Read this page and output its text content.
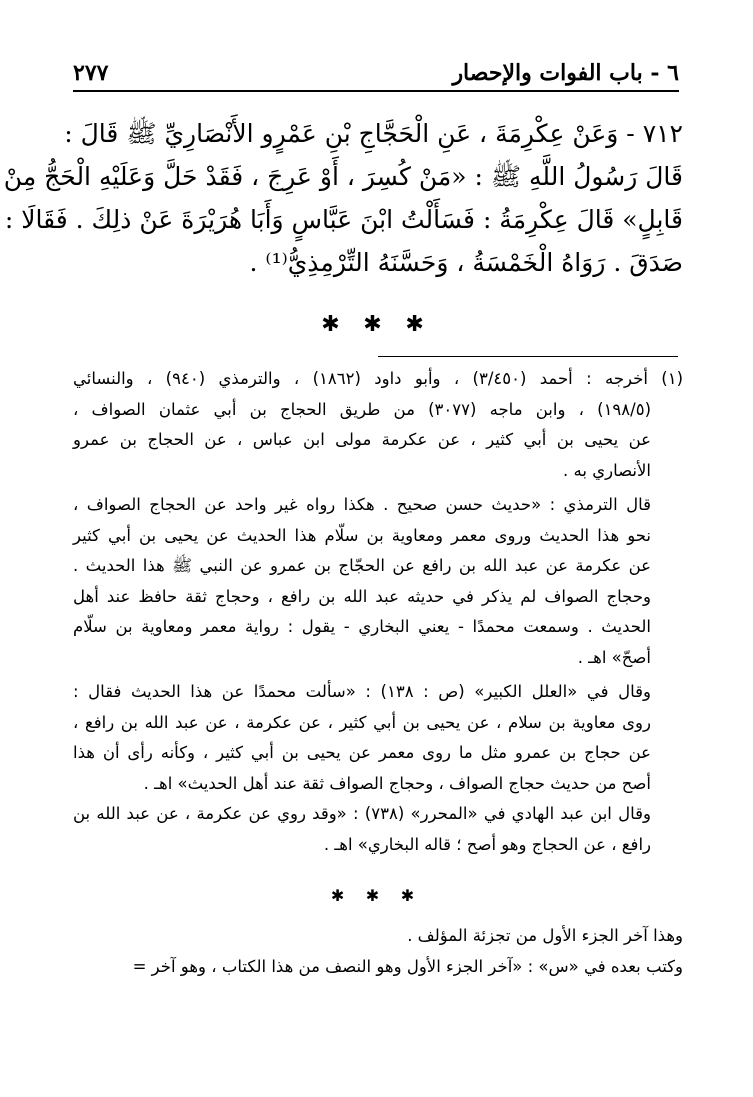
٢٧٧	٦ - باب الفوات والإحصار
٧١٢ - وَعَنْ عِكْرِمَةَ ، عَنِ الْحَجَّاجِ بْنِ عَمْرٍو الأَنْصَارِيِّ ﷺ قَالَ :
قَالَ رَسُولُ اللَّهِ ﷺ : «مَنْ كُسِرَ ، أَوْ عَرِجَ ، فَقَدْ حَلَّ وَعَلَيْهِ الْحَجُّ مِنْ
قَابِلٍ» قَالَ عِكْرِمَةُ : فَسَأَلْتُ ابْنَ عَبَّاسٍ وَأَبَا هُرَيْرَةَ عَنْ ذلِكَ . فَقَالَا :
صَدَقَ . رَوَاهُ الْخَمْسَةُ ، وَحَسَّنَهُ التِّرْمِذِيُّ⁽¹⁾ .
✱ ✱ ✱
(١) أخرجه : أحمد (٣/٤٥٠) ، وأبو داود (١٨٦٢) ، والترمذي (٩٤٠) ، والنسائي
(١٩٨/٥) ، وابن ماجه (٣٠٧٧) من طريق الحجاج بن أبي عثمان الصواف ،
عن يحيى بن أبي كثير ، عن عكرمة مولى ابن عباس ، عن الحجاج بن عمرو
الأنصاري به .
قال الترمذي : «حديث حسن صحيح . هكذا رواه غير واحد عن الحجاج الصواف ،
نحو هذا الحديث وروى معمر ومعاوية بن سلّام هذا الحديث عن يحيى بن أبي كثير
عن عكرمة عن عبد الله بن رافع عن الحجّاج بن عمرو عن النبي ﷺ هذا الحديث .
وحجاج الصواف لم يذكر في حديثه عبد الله بن رافع ، وحجاج ثقة حافظ عند أهل
الحديث . وسمعت محمدًا - يعني البخاري - يقول : رواية معمر ومعاوية بن سلّام
أصحّ» اهـ .
وقال في «العلل الكبير» (ص : ١٣٨) : «سألت محمدًا عن هذا الحديث فقال :
روى معاوية بن سلام ، عن يحيى بن أبي كثير ، عن عكرمة ، عن عبد الله بن رافع ،
عن حجاج بن عمرو مثل ما روى معمر عن يحيى بن أبي كثير ، وكأنه رأى أن هذا
أصح من حديث حجاج الصواف ، وحجاج الصواف ثقة عند أهل الحديث» اهـ .
وقال ابن عبد الهادي في «المحرر» (٧٣٨) : «وقد روي عن عكرمة ، عن عبد الله بن
رافع ، عن الحجاج وهو أصح ؛ قاله البخاري» اهـ .
✱ ✱ ✱
وهذا آخر الجزء الأول من تجزئة المؤلف .
وكتب بعده في «س» : «آخر الجزء الأول وهو النصف من هذا الكتاب ، وهو آخر =
